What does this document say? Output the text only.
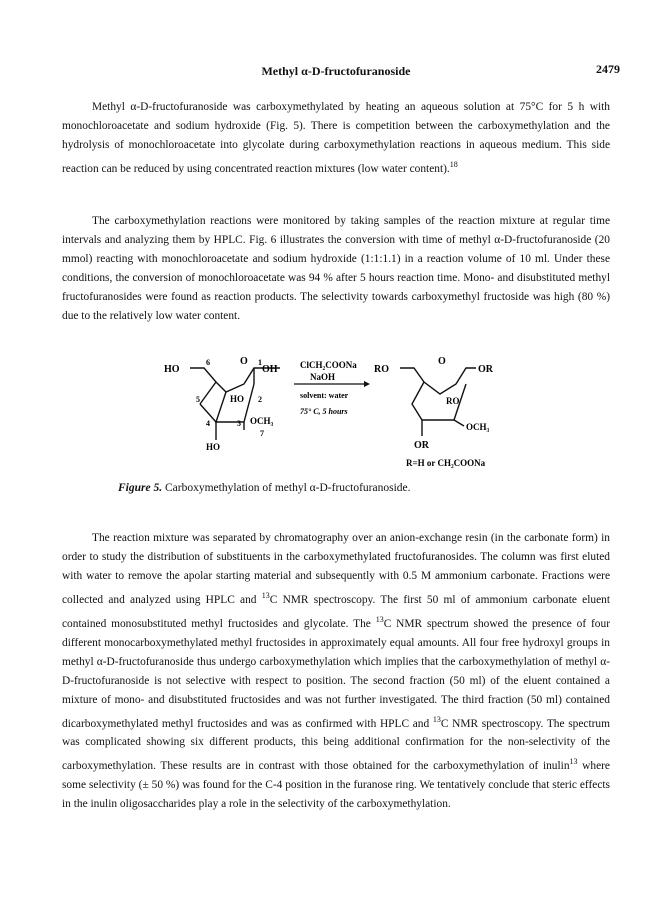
Methyl α-D-fructofuranoside	2479

Methyl α-D-fructofuranoside was carboxymethylated by heating an aqueous solution at 75°C for 5 h with monochloroacetate and sodium hydroxide (Fig. 5). There is competition between the carboxymethylation and the hydrolysis of monochloroacetate into glycolate during carboxymethylation reactions in aqueous medium. This side reaction can be reduced by using concentrated reaction mixtures (low water content).$^{18}$

The carboxymethylation reactions were monitored by taking samples of the reaction mixture at regular time intervals and analyzing them by HPLC. Fig. 6 illustrates the conversion with time of methyl α-D-fructofuranoside (20 mmol) reacting with monochloroacetate and sodium hydroxide (1:1:1.1) in a reaction volume of 10 ml. Under these conditions, the conversion of monochloroacetate was 94 % after 5 hours reaction time. Mono- and disubstituted methyl fructofuranosides were found as reaction products. The selectivity towards carboxymethyl fructoside was high (80 %) due to the relatively low water content.

HO
6
5
O 1
OH
HO 2
4	3 OCH₃
7
HO
ClCH₂COONa
NaOH
solvent: water
75° C, 5 hours
RO
O
OR
RO
OCH₃
OR
R=H or CH₂COONa
Figure 5. Carboxymethylation of methyl α-D-fructofuranoside.

The reaction mixture was separated by chromatography over an anion-exchange resin (in the carbonate form) in order to study the distribution of substituents in the carboxymethylated fructofuranosides. The column was first eluted with water to remove the apolar starting material and subsequently with 0.5 M ammonium carbonate. Fractions were collected and analyzed using HPLC and $^{13}$C NMR spectroscopy. The first 50 ml of ammonium carbonate eluent contained monosubstituted methyl fructosides and glycolate. The $^{13}$C NMR spectrum showed the presence of four different monocarboxymethylated methyl fructosides in approximately equal amounts. All four free hydroxyl groups in methyl α-D-fructofuranoside thus undergo carboxymethylation which implies that the carboxymethylation of methyl α-D-fructofuranoside is not selective with respect to position. The second fraction (50 ml) of the eluent contained a mixture of mono- and disubstituted fructosides and was not further investigated. The third fraction (50 ml) contained dicarboxymethylated methyl fructosides and was as confirmed with HPLC and $^{13}$C NMR spectroscopy. The spectrum was complicated showing six different products, this being additional confirmation for the non-selectivity of the carboxymethylation. These results are in contrast with those obtained for the carboxymethylation of inulin$^{13}$ where some selectivity (± 50 %) was found for the C-4 position in the furanose ring. We tentatively conclude that steric effects in the inulin oligosaccharides play a role in the selectivity of the carboxymethylation.
